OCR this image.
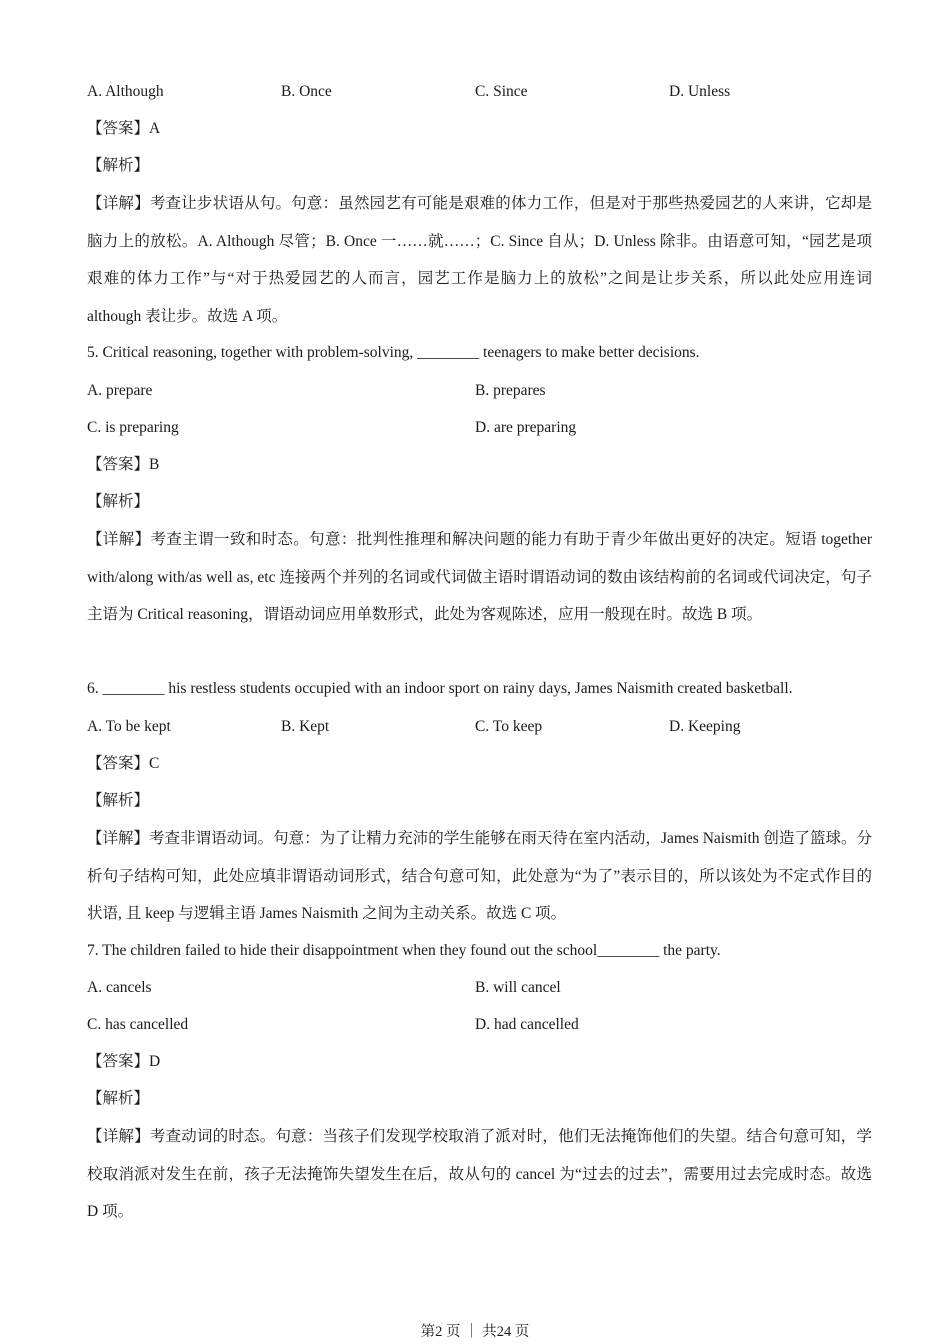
A. Although	B. Once	C. Since	D. Unless
【答案】A
【解析】
【详解】考查让步状语从句。句意：虽然园艺有可能是艰难的体力工作，但是对于那些热爱园艺的人来讲，它却是脑力上的放松。A. Although 尽管；B. Once 一……就……；C. Since 自从；D. Unless 除非。由语意可知，“园艺是项艰难的体力工作”与“对于热爱园艺的人而言，园艺工作是脑力上的放松”之间是让步关系，所以此处应用连词 although 表让步。故选 A 项。
5. Critical reasoning, together with problem-solving, ________ teenagers to make better decisions.
A. prepare	B. prepares
C. is preparing	D. are preparing
【答案】B
【解析】
【详解】考查主谓一致和时态。句意：批判性推理和解决问题的能力有助于青少年做出更好的决定。短语 together with/along with/as well as, etc 连接两个并列的名词或代词做主语时谓语动词的数由该结构前的名词或代词决定，句子主语为 Critical reasoning，谓语动词应用单数形式，此处为客观陈述，应用一般现在时。故选 B 项。
6. ________ his restless students occupied with an indoor sport on rainy days, James Naismith created basketball.
A. To be kept	B. Kept	C. To keep	D. Keeping
【答案】C
【解析】
【详解】考查非谓语动词。句意：为了让精力充沛的学生能够在雨天待在室内活动，James Naismith 创造了篮球。分析句子结构可知，此处应填非谓语动词形式，结合句意可知，此处意为“为了”表示目的，所以该处为不定式作目的状语, 且 keep 与逻辑主语 James Naismith 之间为主动关系。故选 C 项。
7. The children failed to hide their disappointment when they found out the school________ the party.
A. cancels	B. will cancel
C. has cancelled	D. had cancelled
【答案】D
【解析】
【详解】考查动词的时态。句意：当孩子们发现学校取消了派对时，他们无法掩饰他们的失望。结合句意可知，学校取消派对发生在前，孩子无法掩饰失望发生在后，故从句的 cancel 为“过去的过去”，需要用过去完成时态。故选 D 项。
第2 页 ｜ 共24 页
